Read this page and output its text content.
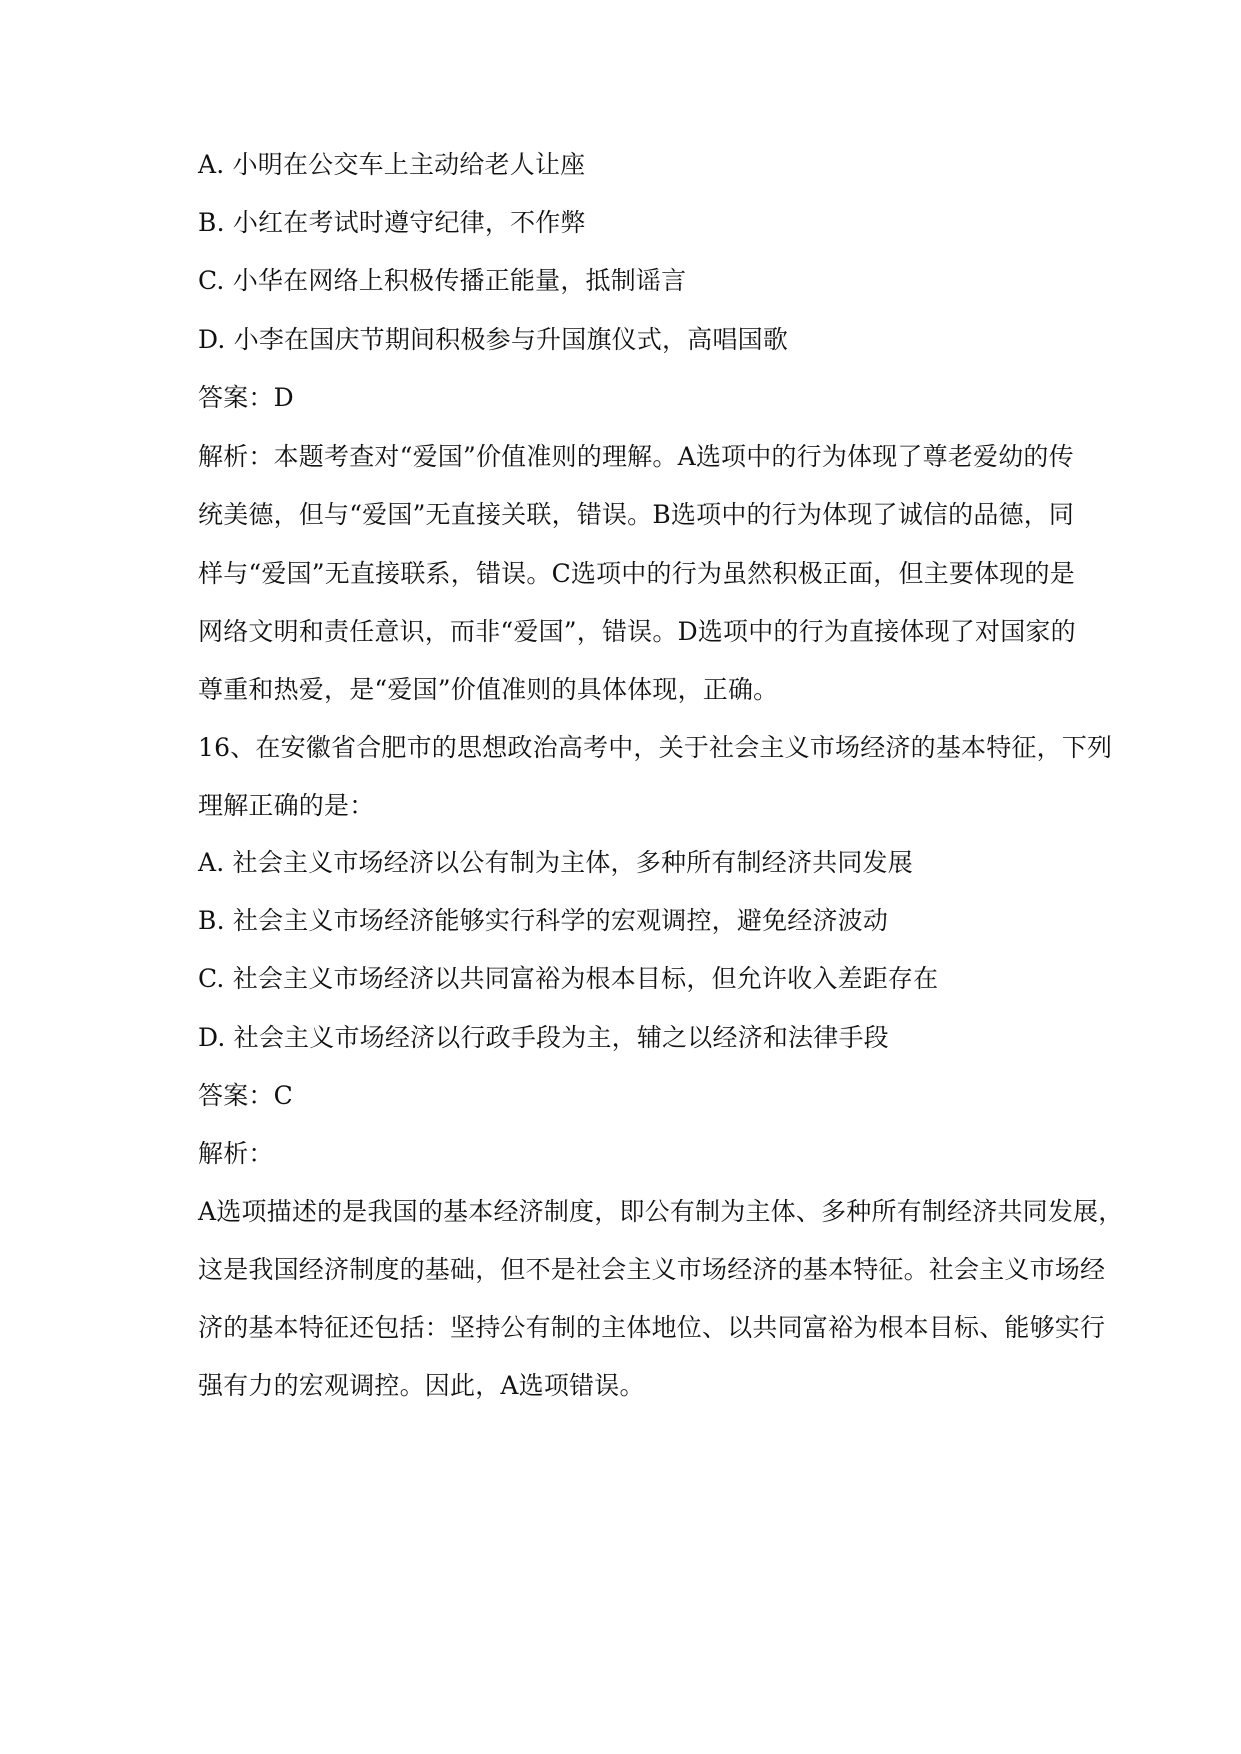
A. 小明在公交车上主动给老人让座
B. 小红在考试时遵守纪律，不作弊
C. 小华在网络上积极传播正能量，抵制谣言
D. 小李在国庆节期间积极参与升国旗仪式，高唱国歌
答案：D
解析：本题考查对“爱国”价值准则的理解。A选项中的行为体现了尊老爱幼的传
统美德，但与“爱国”无直接关联，错误。B选项中的行为体现了诚信的品德，同
样与“爱国”无直接联系，错误。C选项中的行为虽然积极正面，但主要体现的是
网络文明和责任意识，而非“爱国”，错误。D选项中的行为直接体现了对国家的
尊重和热爱，是“爱国”价值准则的具体体现，正确。
16、在安徽省合肥市的思想政治高考中，关于社会主义市场经济的基本特征，下列
理解正确的是：
A. 社会主义市场经济以公有制为主体，多种所有制经济共同发展
B. 社会主义市场经济能够实行科学的宏观调控，避免经济波动
C. 社会主义市场经济以共同富裕为根本目标，但允许收入差距存在
D. 社会主义市场经济以行政手段为主，辅之以经济和法律手段
答案：C
解析：
A选项描述的是我国的基本经济制度，即公有制为主体、多种所有制经济共同发展，
这是我国经济制度的基础，但不是社会主义市场经济的基本特征。社会主义市场经
济的基本特征还包括：坚持公有制的主体地位、以共同富裕为根本目标、能够实行
强有力的宏观调控。因此，A选项错误。
